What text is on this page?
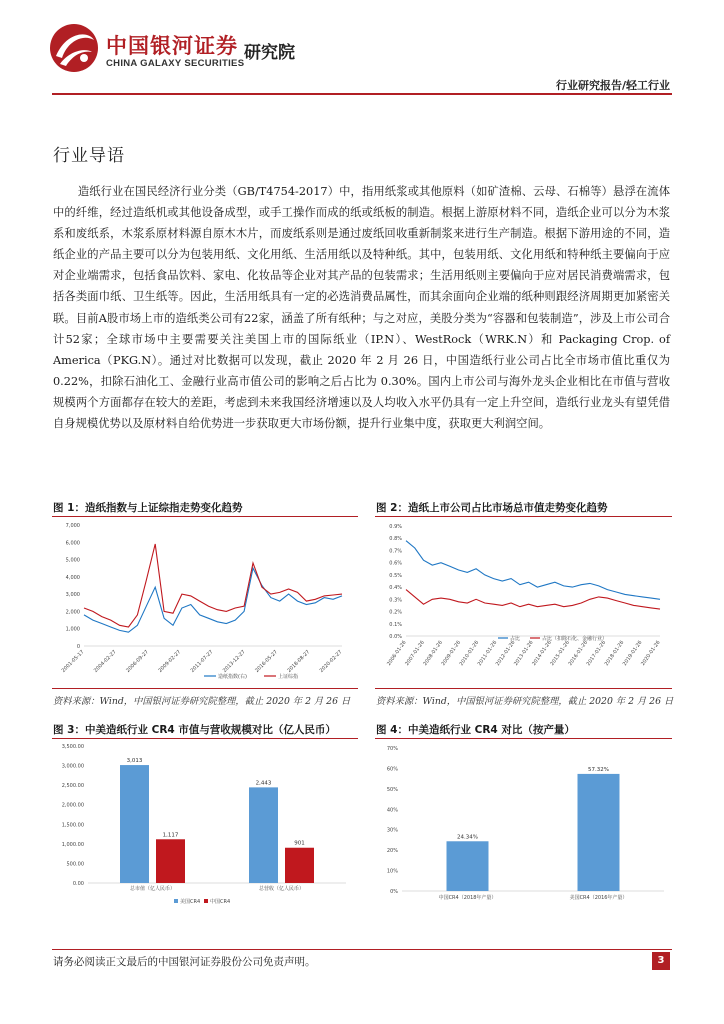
中国银河证券
CHINA GALAXY SECURITIES
研究院
行业研究报告/轻工行业
行业导语
造纸行业在国民经济行业分类（GB/T4754-2017）中，指用纸浆或其他原料（如矿渣棉、云母、石棉等）悬浮在流体中的纤维，经过造纸机或其他设备成型，或手工操作而成的纸或纸板的制造。根据上游原材料不同，造纸企业可以分为木浆系和废纸系，木浆系原材料源自原木木片，而废纸系则是通过废纸回收重新制浆来进行生产制造。根据下游用途的不同，造纸企业的产品主要可以分为包装用纸、文化用纸、生活用纸以及特种纸。其中，包装用纸、文化用纸和特种纸主要偏向于应对企业端需求，包括食品饮料、家电、化妆品等企业对其产品的包装需求；生活用纸则主要偏向于应对居民消费端需求，包括各类面巾纸、卫生纸等。因此，生活用纸具有一定的必选消费品属性，而其余面向企业端的纸种则跟经济周期更加紧密关联。目前A股市场上市的造纸类公司有22家，涵盖了所有纸种；与之对应，美股分类为“容器和包装制造”，涉及上市公司合计52家；全球市场中主要需要关注美国上市的国际纸业（IP.N）、WestRock（WRK.N）和 Packaging Crop. of America（PKG.N）。通过对比数据可以发现，截止 2020 年 2 月 26 日，中国造纸行业公司占比全市场市值比重仅为 0.22%，扣除石油化工、金融行业高市值公司的影响之后占比为 0.30%。国内上市公司与海外龙头企业相比在市值与营收规模两个方面都存在较大的差距，考虑到未来我国经济增速以及人均收入水平仍具有一定上升空间，造纸行业龙头有望凭借自身规模优势以及原材料自给优势进一步获取更大市场份额，提升行业集中度，获取更大利润空间。
图 1：造纸指数与上证综指走势变化趋势
7,000
6,000
5,000
4,000
3,000
2,000
1,000
0
2001-05-17 2004-02-27 2006-09-27 2009-02-27 2011-07-27 2013-12-27 2016-05-27 2018-08-27 2020-02-27
造纸指数(右)	上证综指
资料来源：Wind，中国银河证券研究院整理，截止 2020 年 2 月 26 日
图 2：造纸上市公司占比市场总市值走势变化趋势
0.9%
0.8%
0.7%
0.6%
0.5%
0.4%
0.3%
0.2%
0.1%
0.0%
2006-01-26
2007-01-26
2008-01-26
2009-01-26
2010-01-26
2011-01-26
2012-01-26
2013-01-26
2014-01-26
2015-01-26
2016-01-26
2017-01-26
2018-01-26
2019-01-26
2020-01-26
占比	占比（扣除石化、金融行业）
资料来源：Wind，中国银河证券研究院整理，截止 2020 年 2 月 26 日
图 3：中美造纸行业 CR4 市值与营收规模对比（亿人民币）
3,500.00
3,000.00
2,500.00
2,000.00
1,500.00
1,000.00
500.00
0.00
3,013
1,117
总市值（亿人民币）
2,443
901
总营收（亿人民币）
美国CR4 中国CR4
图 4：中美造纸行业 CR4 对比（按产量）
70%
60%
50%
40%
30%
20%
10%
0%
24.34%
中国CR4（2018年产量）
57.32%
美国CR4（2016年产量）
请务必阅读正文最后的中国银河证券股份公司免责声明。	3
